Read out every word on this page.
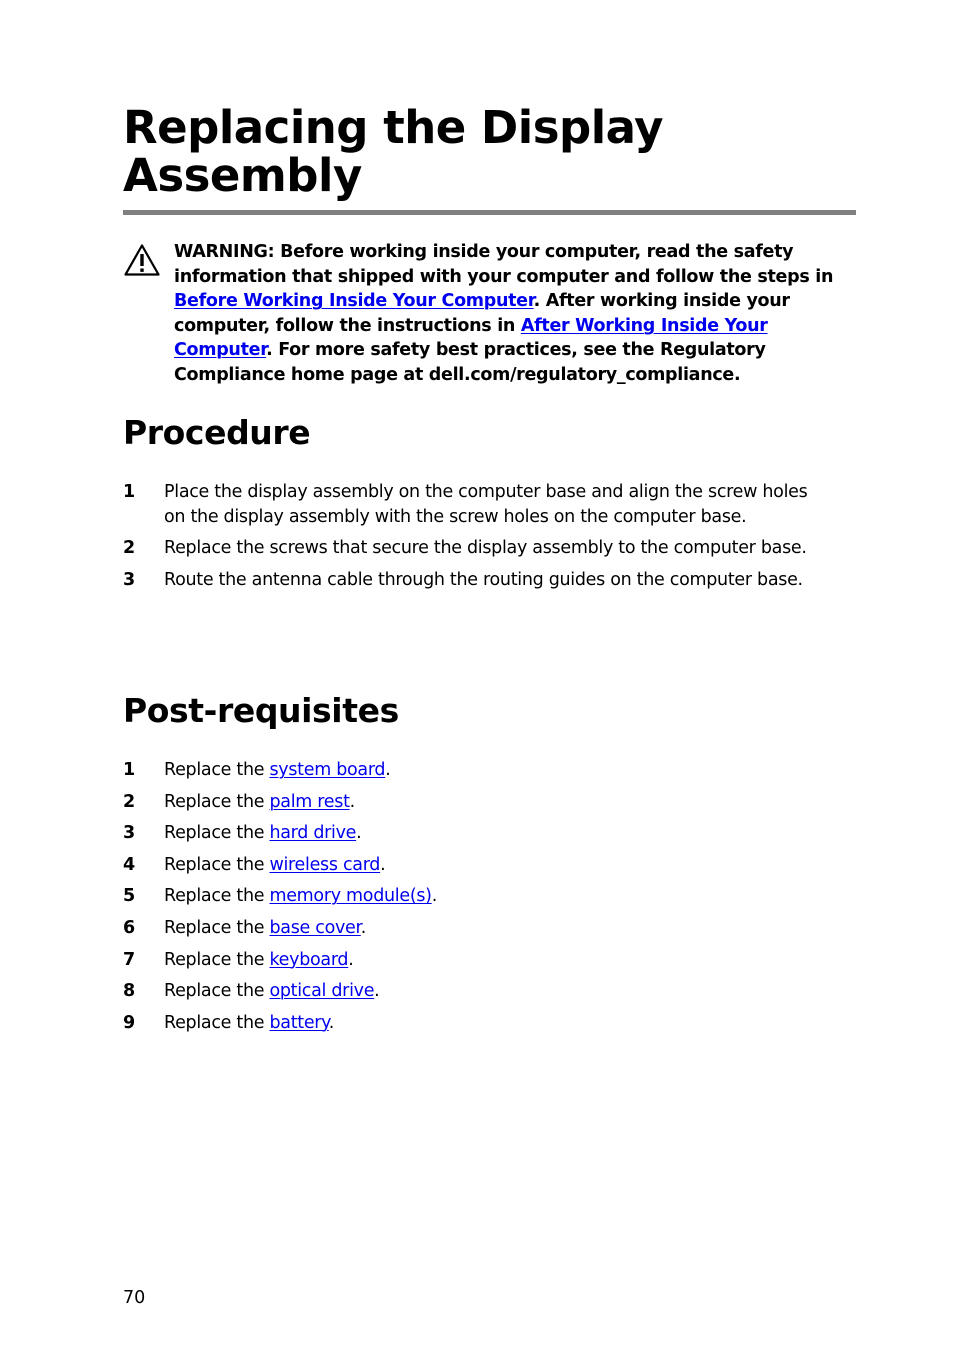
Replacing the Display Assembly

WARNING: Before working inside your computer, read the safety information that shipped with your computer and follow the steps in Before Working Inside Your Computer. After working inside your computer, follow the instructions in After Working Inside Your Computer. For more safety best practices, see the Regulatory Compliance home page at dell.com/regulatory_compliance.

Procedure
1 Place the display assembly on the computer base and align the screw holes on the display assembly with the screw holes on the computer base.
2 Replace the screws that secure the display assembly to the computer base.
3 Route the antenna cable through the routing guides on the computer base.
Post-requisites
1 Replace the system board.
2 Replace the palm rest.
3 Replace the hard drive.
4 Replace the wireless card.
5 Replace the memory module(s).
6 Replace the base cover.
7 Replace the keyboard.
8 Replace the optical drive.
9 Replace the battery.
70
